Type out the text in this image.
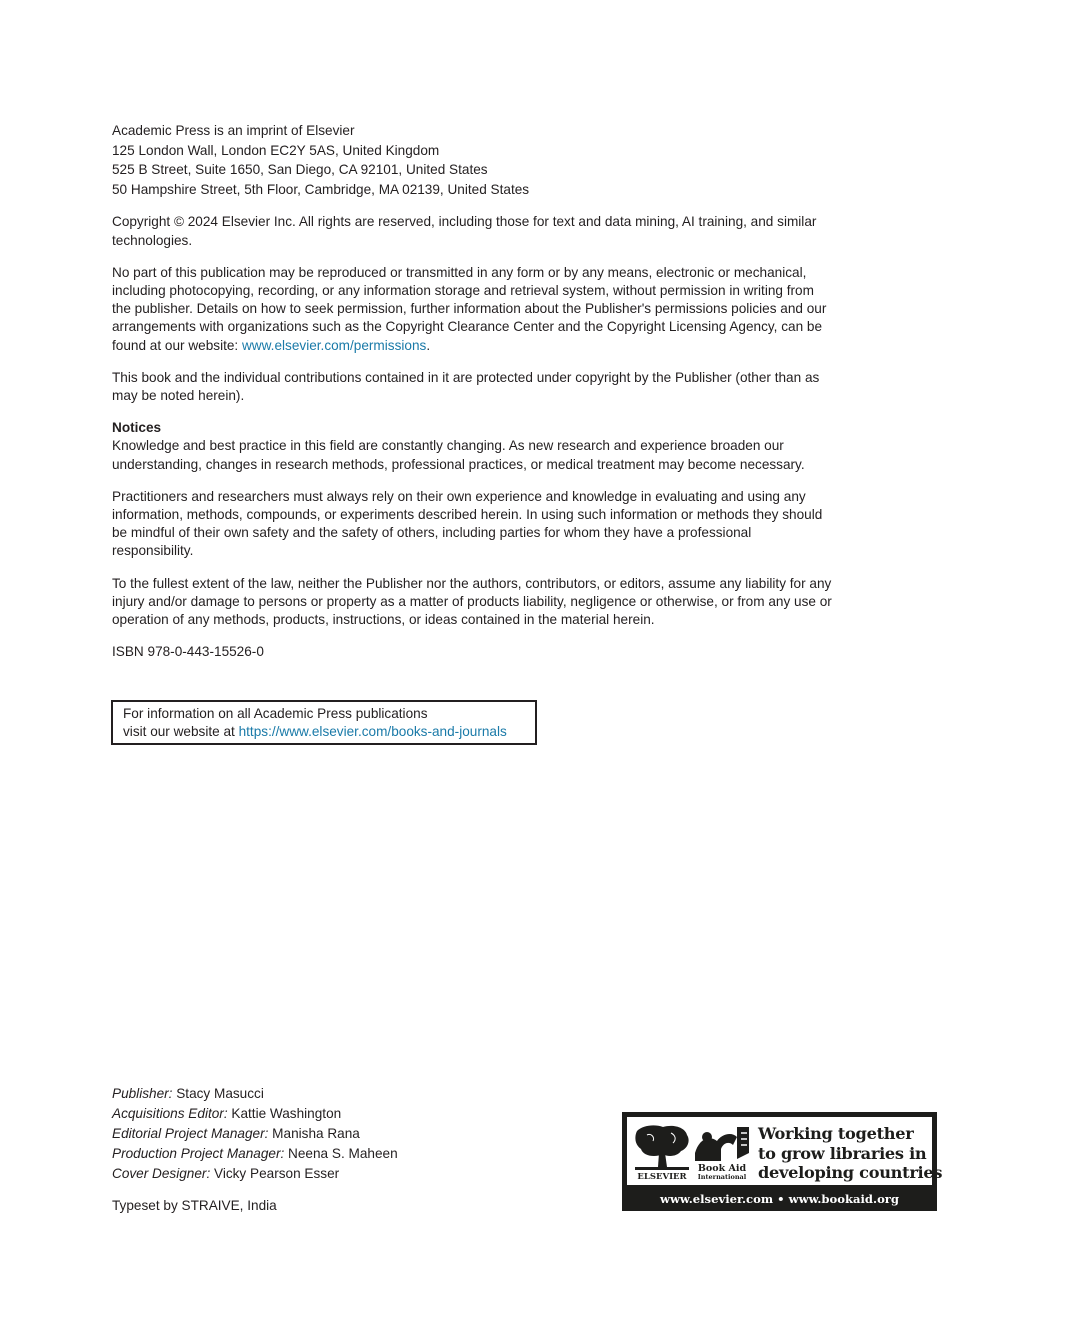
Academic Press is an imprint of Elsevier
125 London Wall, London EC2Y 5AS, United Kingdom
525 B Street, Suite 1650, San Diego, CA 92101, United States
50 Hampshire Street, 5th Floor, Cambridge, MA 02139, United States

Copyright © 2024 Elsevier Inc. All rights are reserved, including those for text and data mining, AI training, and similar technologies.

No part of this publication may be reproduced or transmitted in any form or by any means, electronic or mechanical, including photocopying, recording, or any information storage and retrieval system, without permission in writing from the publisher. Details on how to seek permission, further information about the Publisher's permissions policies and our arrangements with organizations such as the Copyright Clearance Center and the Copyright Licensing Agency, can be found at our website: www.elsevier.com/permissions.

This book and the individual contributions contained in it are protected under copyright by the Publisher (other than as may be noted herein).

Notices
Knowledge and best practice in this field are constantly changing. As new research and experience broaden our understanding, changes in research methods, professional practices, or medical treatment may become necessary.

Practitioners and researchers must always rely on their own experience and knowledge in evaluating and using any information, methods, compounds, or experiments described herein. In using such information or methods they should be mindful of their own safety and the safety of others, including parties for whom they have a professional responsibility.

To the fullest extent of the law, neither the Publisher nor the authors, contributors, or editors, assume any liability for any injury and/or damage to persons or property as a matter of products liability, negligence or otherwise, or from any use or operation of any methods, products, instructions, or ideas contained in the material herein.

ISBN 978-0-443-15526-0

For information on all Academic Press publications
visit our website at https://www.elsevier.com/books-and-journals
Publisher: Stacy Masucci
Acquisitions Editor: Kattie Washington
Editorial Project Manager: Manisha Rana
Production Project Manager: Neena S. Maheen
Cover Designer: Vicky Pearson Esser
Typeset by STRAIVE, India
ELSEVIER
Book Aid
International
Working together
to grow libraries in
developing countries
www.elsevier.com • www.bookaid.org
